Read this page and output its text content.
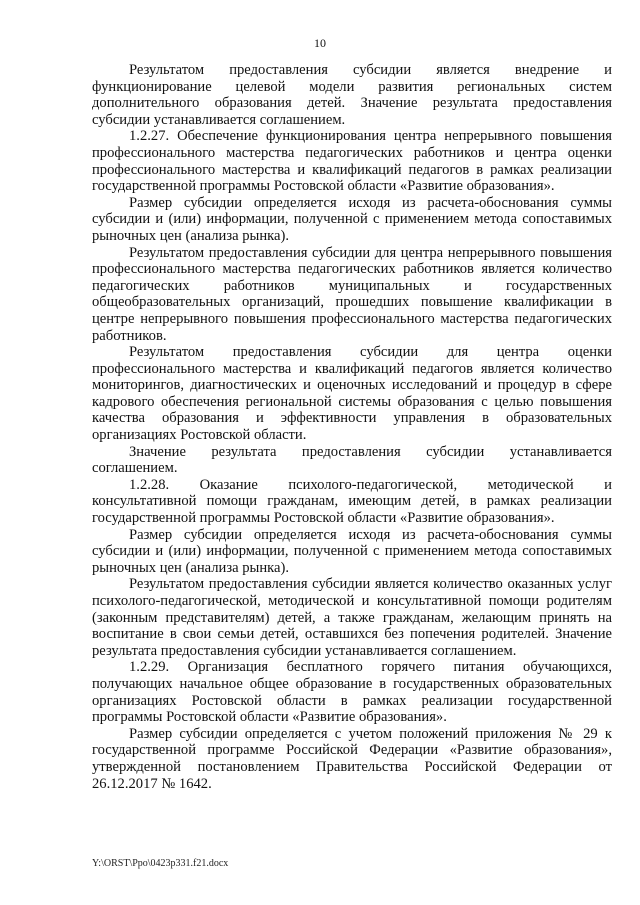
10

Результатом предоставления субсидии является внедрение и функционирование целевой модели развития региональных систем дополнительного образования детей. Значение результата предоставления субсидии устанавливается соглашением.

1.2.27. Обеспечение функционирования центра непрерывного повышения профессионального мастерства педагогических работников и центра оценки профессионального мастерства и квалификаций педагогов в рамках реализации государственной программы Ростовской области «Развитие образования».

Размер субсидии определяется исходя из расчета-обоснования суммы субсидии и (или) информации, полученной с применением метода сопоставимых рыночных цен (анализа рынка).

Результатом предоставления субсидии для центра непрерывного повышения профессионального мастерства педагогических работников является количество педагогических работников муниципальных и государственных общеобразовательных организаций, прошедших повышение квалификации в центре непрерывного повышения профессионального мастерства педагогических работников.

Результатом предоставления субсидии для центра оценки профессионального мастерства и квалификаций педагогов является количество мониторингов, диагностических и оценочных исследований и процедур в сфере кадрового обеспечения региональной системы образования с целью повышения качества образования и эффективности управления в образовательных организациях Ростовской области.

Значение результата предоставления субсидии устанавливается соглашением.

1.2.28. Оказание психолого-педагогической, методической и консультативной помощи гражданам, имеющим детей, в рамках реализации государственной программы Ростовской области «Развитие образования».

Размер субсидии определяется исходя из расчета-обоснования суммы субсидии и (или) информации, полученной с применением метода сопоставимых рыночных цен (анализа рынка).

Результатом предоставления субсидии является количество оказанных услуг психолого-педагогической, методической и консультативной помощи родителям (законным представителям) детей, а также гражданам, желающим принять на воспитание в свои семьи детей, оставшихся без попечения родителей. Значение результата предоставления субсидии устанавливается соглашением.

1.2.29. Организация бесплатного горячего питания обучающихся, получающих начальное общее образование в государственных образовательных организациях Ростовской области в рамках реализации государственной программы Ростовской области «Развитие образования».

Размер субсидии определяется с учетом положений приложения № 29 к государственной программе Российской Федерации «Развитие образования», утвержденной постановлением Правительства Российской Федерации от 26.12.2017 № 1642.

Y:\ORST\Ppo\0423p331.f21.docx
